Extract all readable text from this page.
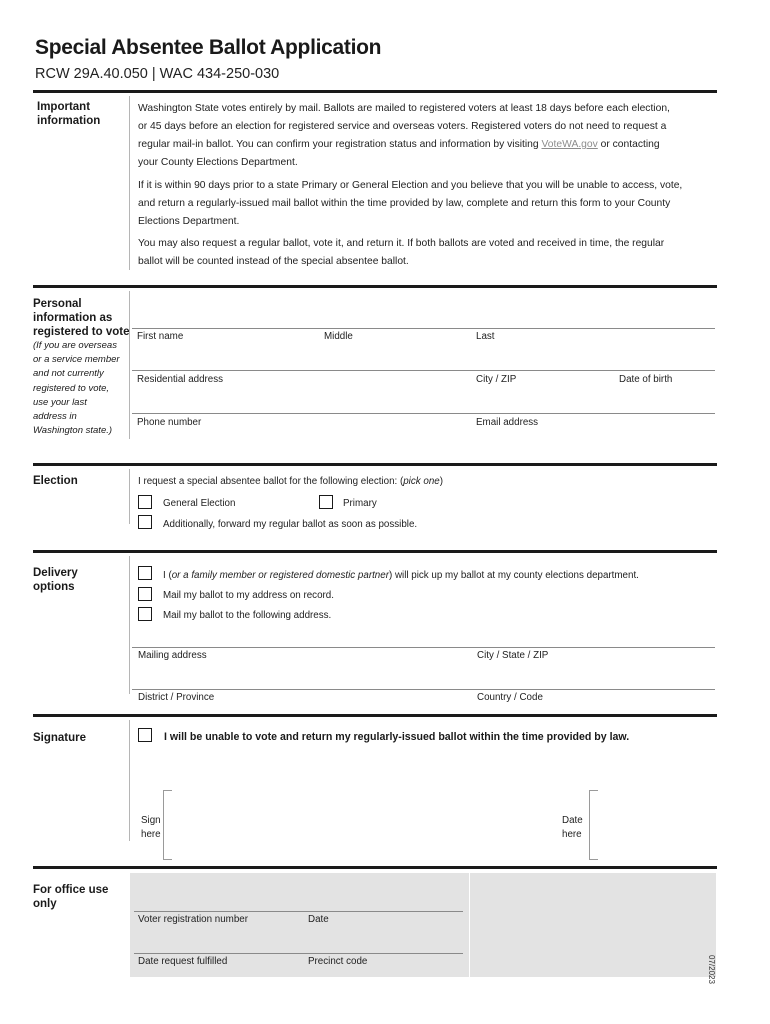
Special Absentee Ballot Application
RCW 29A.40.050 | WAC 434-250-030
Important
information
Washington State votes entirely by mail. Ballots are mailed to registered voters at least 18 days before each election,
or 45 days before an election for registered service and overseas voters. Registered voters do not need to request a
regular mail-in ballot. You can confirm your registration status and information by visiting VoteWA.gov or contacting
your County Elections Department.
If it is within 90 days prior to a state Primary or General Election and you believe that you will be unable to access, vote,
and return a regularly-issued mail ballot within the time provided by law, complete and return this form to your County
Elections Department.
You may also request a regular ballot, vote it, and return it. If both ballots are voted and received in time, the regular
ballot will be counted instead of the special absentee ballot.
Personal
information as
registered to vote
(If you are overseas
or a service member
and not currently
registered to vote,
use your last
address in
Washington state.)
First name	Middle	Last
Residential address	City / ZIP	Date of birth
Phone number	Email address
Election	I request a special absentee ballot for the following election: (pick one)
General Election	Primary
Additionally, forward my regular ballot as soon as possible.
Delivery
options
I (or a family member or registered domestic partner) will pick up my ballot at my county elections department.
Mail my ballot to my address on record.
Mail my ballot to the following address.
Mailing address	City / State / ZIP
District / Province	Country / Code
Signature	I will be unable to vote and return my regularly-issued ballot within the time provided by law.
Sign
here
Date
here
For office use
only
Voter registration number	Date
Date request fulfilled	Precinct code	07/2023
